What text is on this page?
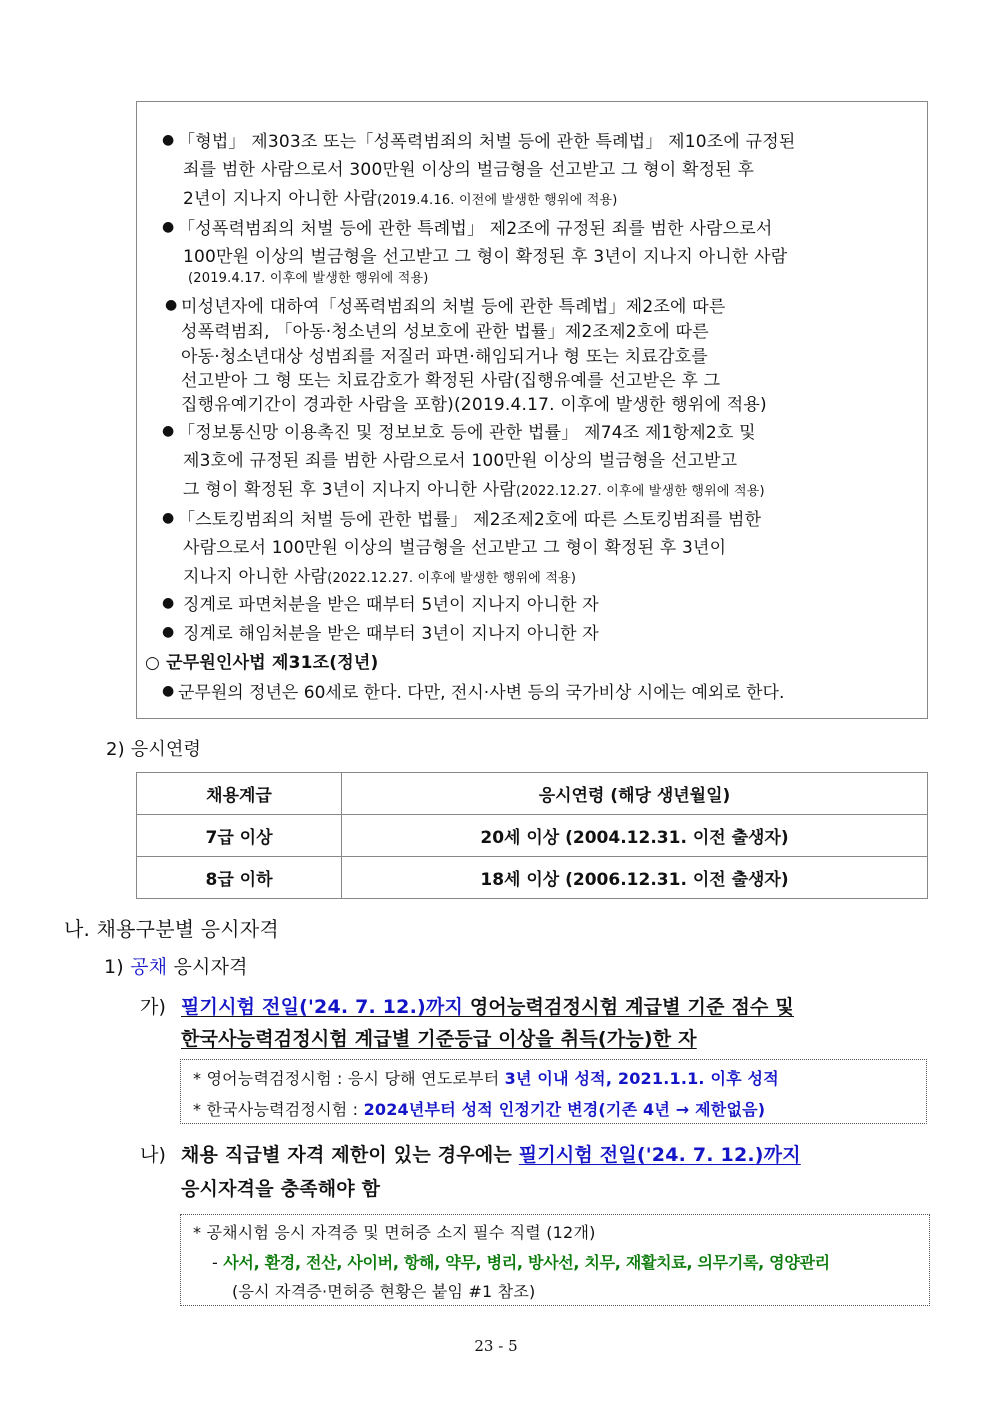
● 「형법」 제303조 또는「성폭력범죄의 처벌 등에 관한 특례법」 제10조에 규정된
죄를 범한 사람으로서 300만원 이상의 벌금형을 선고받고 그 형이 확정된 후
2년이 지나지 아니한 사람(2019.4.16. 이전에 발생한 행위에 적용)
● 「성폭력범죄의 처벌 등에 관한 특례법」 제2조에 규정된 죄를 범한 사람으로서
100만원 이상의 벌금형을 선고받고 그 형이 확정된 후 3년이 지나지 아니한 사람
(2019.4.17. 이후에 발생한 행위에 적용)
● 미성년자에 대하여「성폭력범죄의 처벌 등에 관한 특례법」제2조에 따른
성폭력범죄, 「아동·청소년의 성보호에 관한 법률」제2조제2호에 따른
아동·청소년대상 성범죄를 저질러 파면·해임되거나 형 또는 치료감호를
선고받아 그 형 또는 치료감호가 확정된 사람(집행유예를 선고받은 후 그
집행유예기간이 경과한 사람을 포함)(2019.4.17. 이후에 발생한 행위에 적용)
● 「정보통신망 이용촉진 및 정보보호 등에 관한 법률」 제74조 제1항제2호 및
제3호에 규정된 죄를 범한 사람으로서 100만원 이상의 벌금형을 선고받고
그 형이 확정된 후 3년이 지나지 아니한 사람(2022.12.27. 이후에 발생한 행위에 적용)
● 「스토킹범죄의 처벌 등에 관한 법률」 제2조제2호에 따른 스토킹범죄를 범한
사람으로서 100만원 이상의 벌금형을 선고받고 그 형이 확정된 후 3년이
지나지 아니한 사람(2022.12.27. 이후에 발생한 행위에 적용)
● 징계로 파면처분을 받은 때부터 5년이 지나지 아니한 자
● 징계로 해임처분을 받은 때부터 3년이 지나지 아니한 자
○ 군무원인사법 제31조(정년)
● 군무원의 정년은 60세로 한다. 다만, 전시·사변 등의 국가비상 시에는 예외로 한다.
2) 응시연령
채용계급	응시연령 (해당 생년월일)
7급 이상	20세 이상 (2004.12.31. 이전 출생자)
8급 이하	18세 이상 (2006.12.31. 이전 출생자)
나. 채용구분별 응시자격
1) 공채 응시자격
가) 필기시험 전일('24. 7. 12.)까지 영어능력검정시험 계급별 기준 점수 및
한국사능력검정시험 계급별 기준등급 이상을 취득(가능)한 자
* 영어능력검정시험 : 응시 당해 연도로부터 3년 이내 성적, 2021.1.1. 이후 성적
* 한국사능력검정시험 : 2024년부터 성적 인정기간 변경(기존 4년 → 제한없음)
나) 채용 직급별 자격 제한이 있는 경우에는 필기시험 전일('24. 7. 12.)까지
응시자격을 충족해야 함
* 공채시험 응시 자격증 및 면허증 소지 필수 직렬 (12개)
- 사서, 환경, 전산, 사이버, 항해, 약무, 병리, 방사선, 치무, 재활치료, 의무기록, 영양관리
(응시 자격증·면허증 현황은 붙임 #1 참조)
23 - 5
